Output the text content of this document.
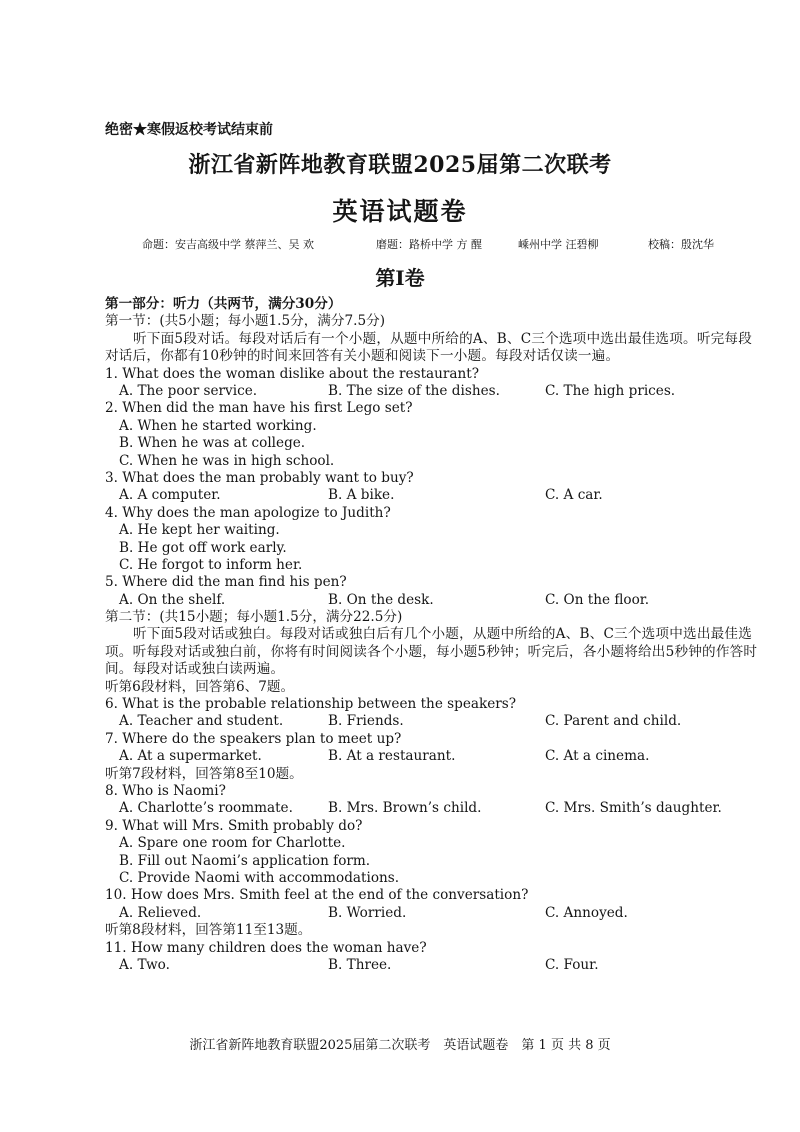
绝密★寒假返校考试结束前
浙江省新阵地教育联盟2025届第二次联考
英语试题卷
命题：安吉高级中学 蔡萍兰、吴 欢	磨题：路桥中学 方 醒	嵊州中学 汪碧柳	校稿：殷沈华
第Ⅰ卷
第一部分：听力（共两节，满分30分）
第一节：(共5小题；每小题1.5分，满分7.5分)
听下面5段对话。每段对话后有一个小题，从题中所给的A、B、C三个选项中选出最佳选项。听完每段对话后，你都有10秒钟的时间来回答有关小题和阅读下一小题。每段对话仅读一遍。
1. What does the woman dislike about the restaurant?
A. The poor service.	B. The size of the dishes.	C. The high prices.
2. When did the man have his first Lego set?
A. When he started working.
B. When he was at college.
C. When he was in high school.
3. What does the man probably want to buy?
A. A computer.	B. A bike.	C. A car.
4. Why does the man apologize to Judith?
A. He kept her waiting.
B. He got off work early.
C. He forgot to inform her.
5. Where did the man find his pen?
A. On the shelf.	B. On the desk.	C. On the floor.
第二节：(共15小题；每小题1.5分，满分22.5分)
听下面5段对话或独白。每段对话或独白后有几个小题，从题中所给的A、B、C三个选项中选出最佳选项。听每段对话或独白前，你将有时间阅读各个小题，每小题5秒钟；听完后，各小题将给出5秒钟的作答时间。每段对话或独白读两遍。
听第6段材料，回答第6、7题。
6. What is the probable relationship between the speakers?
A. Teacher and student.	B. Friends.	C. Parent and child.
7. Where do the speakers plan to meet up?
A. At a supermarket.	B. At a restaurant.	C. At a cinema.
听第7段材料，回答第8至10题。
8. Who is Naomi?
A. Charlotte’s roommate.	B. Mrs. Brown’s child.	C. Mrs. Smith’s daughter.
9. What will Mrs. Smith probably do?
A. Spare one room for Charlotte.
B. Fill out Naomi’s application form.
C. Provide Naomi with accommodations.
10. How does Mrs. Smith feel at the end of the conversation?
A. Relieved.	B. Worried.	C. Annoyed.
听第8段材料，回答第11至13题。
11. How many children does the woman have?
A. Two.	B. Three.	C. Four.
浙江省新阵地教育联盟2025届第二次联考　英语试题卷　第 1 页 共 8 页
